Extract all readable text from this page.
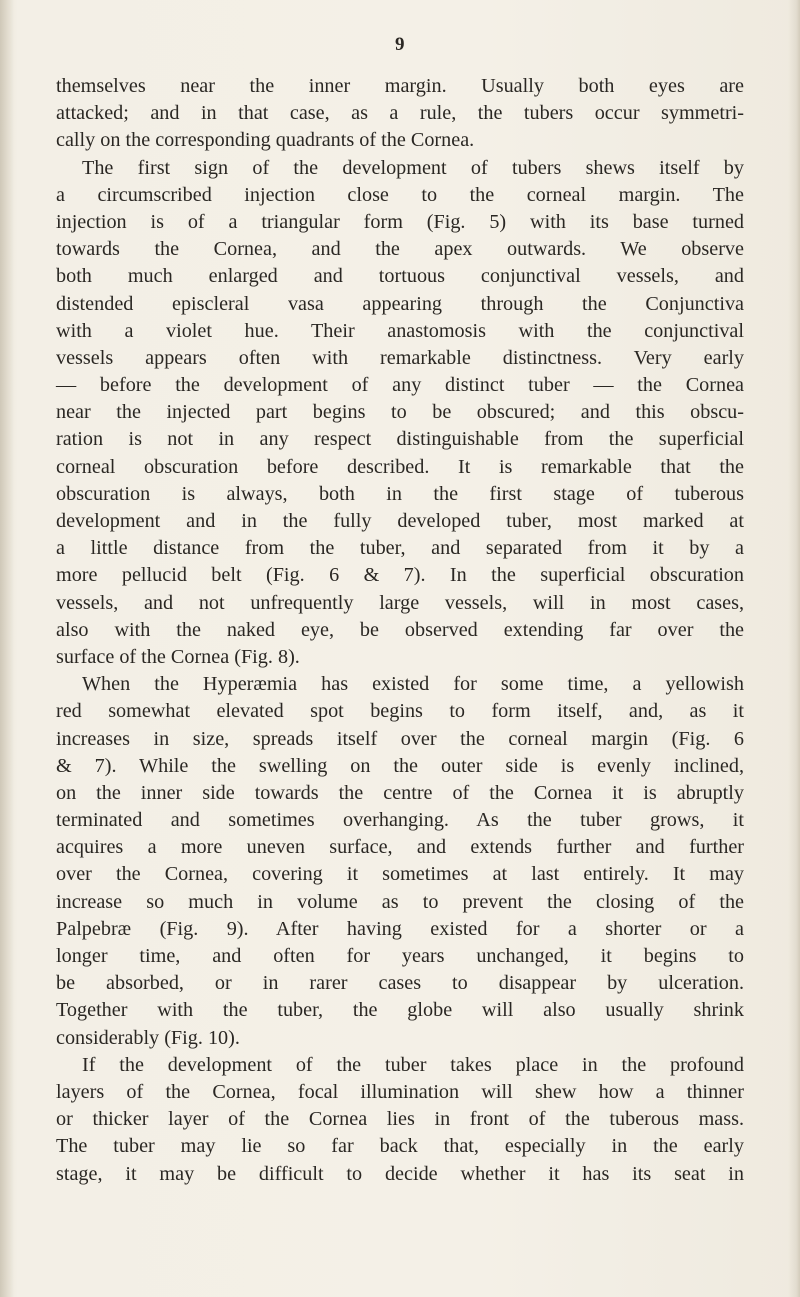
9
themselves near the inner margin. Usually both eyes are
attacked; and in that case, as a rule, the tubers occur symmetri-
cally on the corresponding quadrants of the Cornea.
The first sign of the development of tubers shews itself by
a circumscribed injection close to the corneal margin. The
injection is of a triangular form (Fig. 5) with its base turned
towards the Cornea, and the apex outwards. We observe
both much enlarged and tortuous conjunctival vessels, and
distended episcleral vasa appearing through the Conjunctiva
with a violet hue. Their anastomosis with the conjunctival
vessels appears often with remarkable distinctness. Very early
— before the development of any distinct tuber — the Cornea
near the injected part begins to be obscured; and this obscu-
ration is not in any respect distinguishable from the superficial
corneal obscuration before described. It is remarkable that the
obscuration is always, both in the first stage of tuberous
development and in the fully developed tuber, most marked at
a little distance from the tuber, and separated from it by a
more pellucid belt (Fig. 6 & 7). In the superficial obscuration
vessels, and not unfrequently large vessels, will in most cases,
also with the naked eye, be observed extending far over the
surface of the Cornea (Fig. 8).
When the Hyperæmia has existed for some time, a yellowish
red somewhat elevated spot begins to form itself, and, as it
increases in size, spreads itself over the corneal margin (Fig. 6
& 7). While the swelling on the outer side is evenly inclined,
on the inner side towards the centre of the Cornea it is abruptly
terminated and sometimes overhanging. As the tuber grows, it
acquires a more uneven surface, and extends further and further
over the Cornea, covering it sometimes at last entirely. It may
increase so much in volume as to prevent the closing of the
Palpebræ (Fig. 9). After having existed for a shorter or a
longer time, and often for years unchanged, it begins to
be absorbed, or in rarer cases to disappear by ulceration.
Together with the tuber, the globe will also usually shrink
considerably (Fig. 10).
If the development of the tuber takes place in the profound
layers of the Cornea, focal illumination will shew how a thinner
or thicker layer of the Cornea lies in front of the tuberous mass.
The tuber may lie so far back that, especially in the early
stage, it may be difficult to decide whether it has its seat in
